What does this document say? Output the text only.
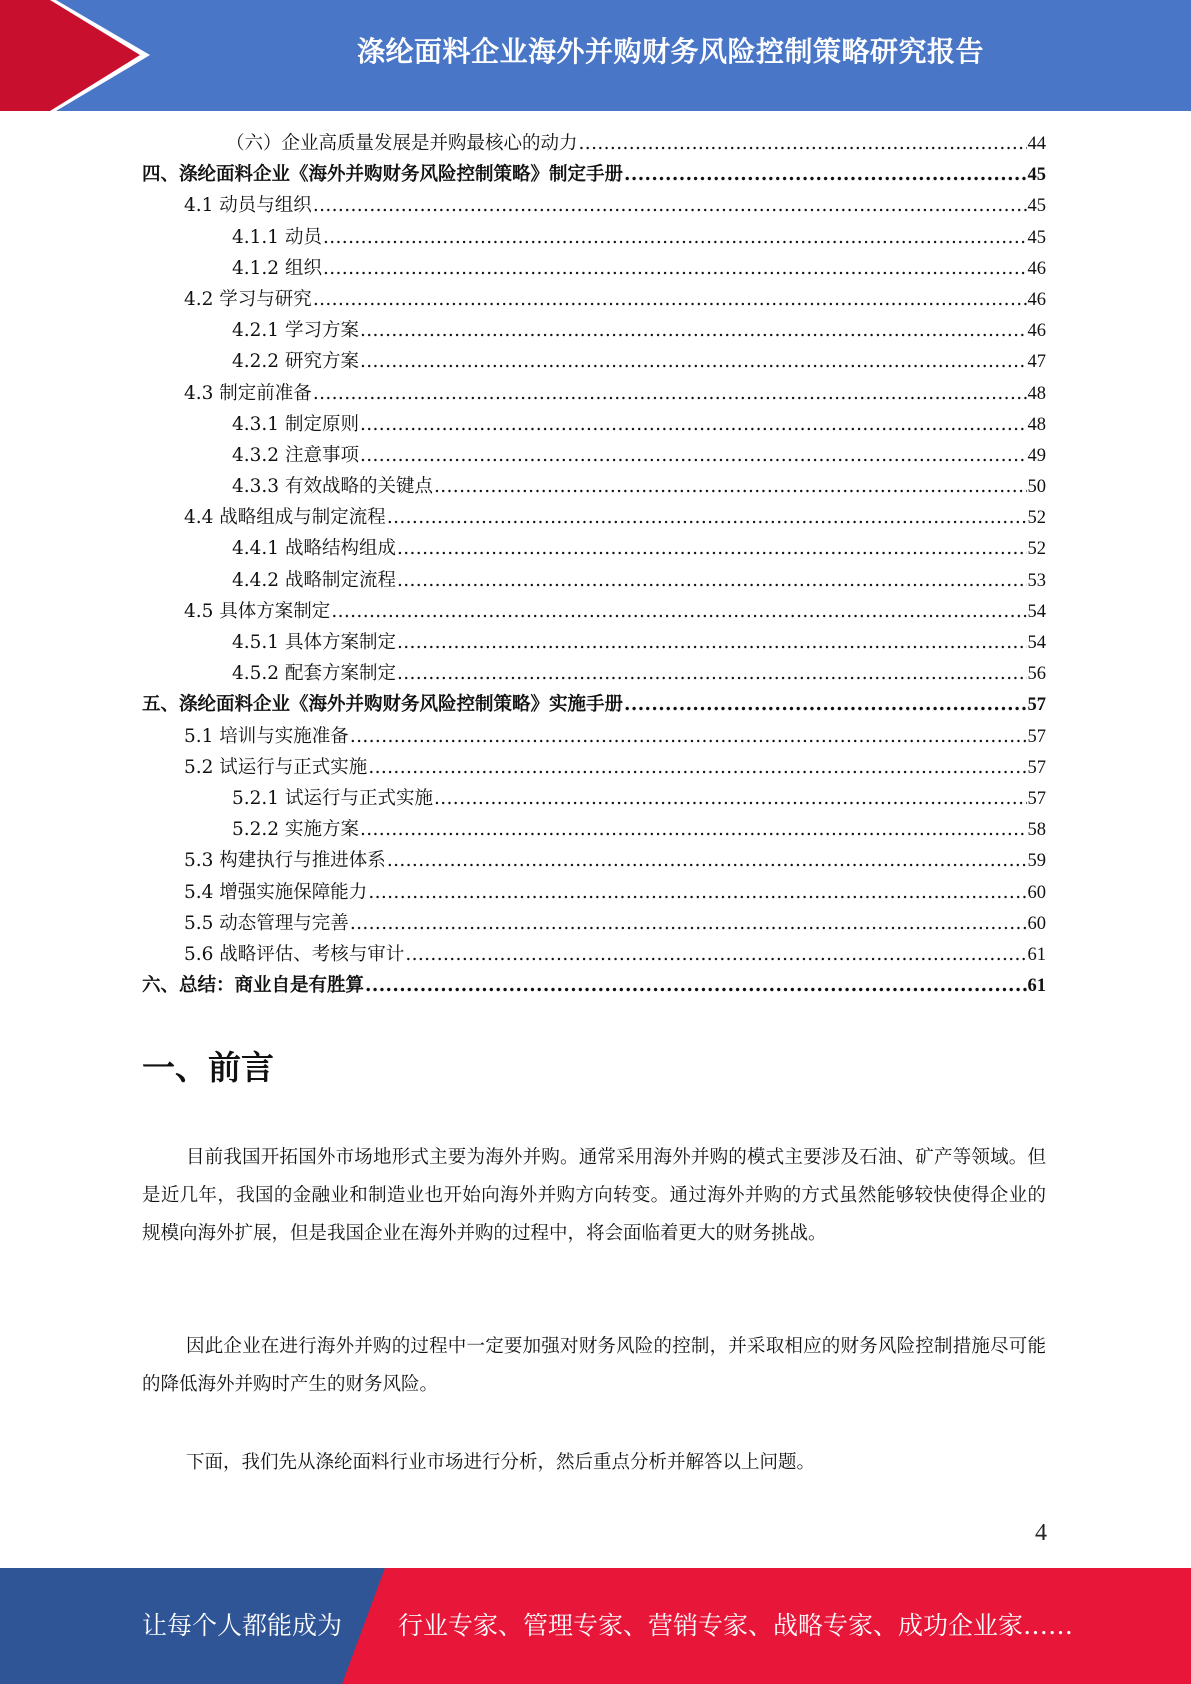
涤纶面料企业海外并购财务风险控制策略研究报告
（六）企业高质量发展是并购最核心的动力 .....	44
四、涤纶面料企业《海外并购财务风险控制策略》制定手册 .....	45
4.1 动员与组织 .....	45
4.1.1 动员 .....	45
4.1.2 组织 .....	46
4.2 学习与研究 .....	46
4.2.1 学习方案 .....	46
4.2.2 研究方案 .....	47
4.3 制定前准备 .....	48
4.3.1 制定原则 .....	48
4.3.2 注意事项 .....	49
4.3.3 有效战略的关键点 .....	50
4.4 战略组成与制定流程 .....	52
4.4.1 战略结构组成 .....	52
4.4.2 战略制定流程 .....	53
4.5 具体方案制定 .....	54
4.5.1 具体方案制定 .....	54
4.5.2 配套方案制定 .....	56
五、涤纶面料企业《海外并购财务风险控制策略》实施手册 .....	57
5.1 培训与实施准备 .....	57
5.2 试运行与正式实施 .....	57
5.2.1 试运行与正式实施 .....	57
5.2.2 实施方案 .....	58
5.3 构建执行与推进体系 .....	59
5.4 增强实施保障能力 .....	60
5.5 动态管理与完善 .....	60
5.6 战略评估、考核与审计 .....	61
六、总结：商业自是有胜算 .....	61
一、前言

目前我国开拓国外市场地形式主要为海外并购。通常采用海外并购的模式主要涉及石油、矿产等领域。但是近几年，我国的金融业和制造业也开始向海外并购方向转变。通过海外并购的方式虽然能够较快使得企业的规模向海外扩展，但是我国企业在海外并购的过程中，将会面临着更大的财务挑战。

因此企业在进行海外并购的过程中一定要加强对财务风险的控制，并采取相应的财务风险控制措施尽可能的降低海外并购时产生的财务风险。

下面，我们先从涤纶面料行业市场进行分析，然后重点分析并解答以上问题。

4
让每个人都能成为 行业专家、管理专家、营销专家、战略专家、成功企业家……
